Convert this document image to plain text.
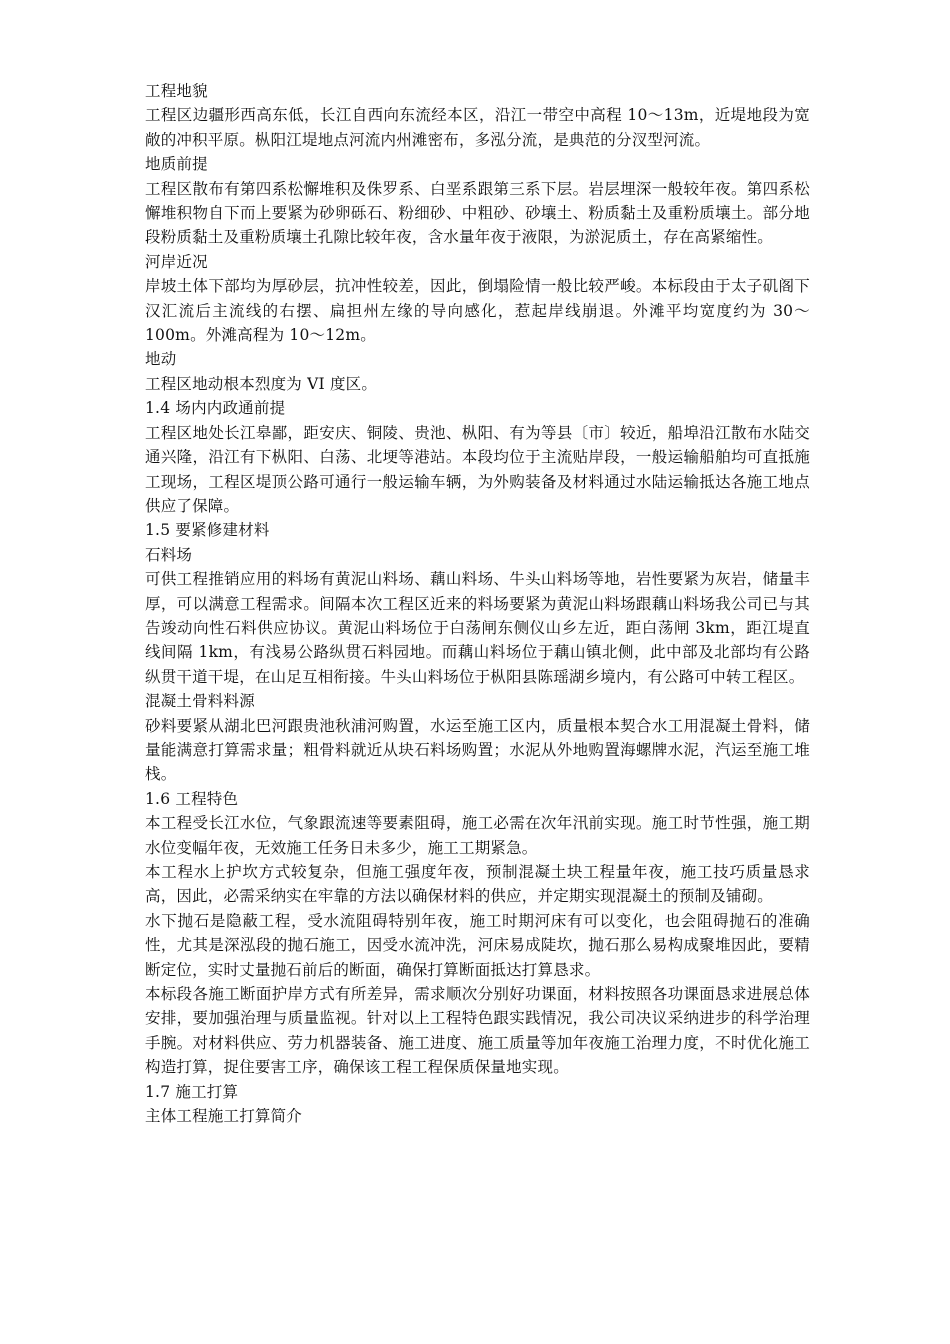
工程地貌

工程区边疆形西高东低，长江自西向东流经本区，沿江一带空中高程 10～13m，近堤地段为宽敞的冲积平原。枞阳江堤地点河流内州滩密布，多泓分流，是典范的分汊型河流。

地质前提

工程区散布有第四系松懈堆积及侏罗系、白垩系跟第三系下层。岩层埋深一般较年夜。第四系松懈堆积物自下而上要紧为砂卵砾石、粉细砂、中粗砂、砂壤土、粉质黏土及重粉质壤土。部分地段粉质黏土及重粉质壤土孔隙比较年夜，含水量年夜于液限，为淤泥质土，存在高紧缩性。

河岸近况

岸坡土体下部均为厚砂层，抗冲性较差，因此，倒塌险情一般比较严峻。本标段由于太子矶阁下汉汇流后主流线的右摆、扁担州左缘的导向感化，惹起岸线崩退。外滩平均宽度约为 30～100m。外滩高程为 10～12m。

地动

工程区地动根本烈度为 VI 度区。

1.4 场内内政通前提

工程区地处长江皋鄙，距安庆、铜陵、贵池、枞阳、有为等县〔市〕较近，船埠沿江散布水陆交通兴隆，沿江有下枞阳、白荡、北埂等港站。本段均位于主流贴岸段，一般运输船舶均可直抵施工现场，工程区堤顶公路可通行一般运输车辆，为外购装备及材料通过水陆运输抵达各施工地点供应了保障。

1.5 要紧修建材料

石料场

可供工程推销应用的料场有黄泥山料场、藕山料场、牛头山料场等地，岩性要紧为灰岩，储量丰厚，可以满意工程需求。间隔本次工程区近来的料场要紧为黄泥山料场跟藕山料场我公司已与其告竣动向性石料供应协议。黄泥山料场位于白荡闸东侧仪山乡左近，距白荡闸 3km，距江堤直线间隔 1km，有浅易公路纵贯石料园地。而藕山料场位于藕山镇北侧，此中部及北部均有公路纵贯干道干堤，在山足互相衔接。牛头山料场位于枞阳县陈瑶湖乡境内，有公路可中转工程区。

混凝土骨料料源

砂料要紧从湖北巴河跟贵池秋浦河购置，水运至施工区内，质量根本契合水工用混凝土骨料，储量能满意打算需求量；粗骨料就近从块石料场购置；水泥从外地购置海螺牌水泥，汽运至施工堆栈。

1.6 工程特色

本工程受长江水位，气象跟流速等要素阻碍，施工必需在次年汛前实现。施工时节性强，施工期水位变幅年夜，无效施工任务日未多少，施工工期紧急。

本工程水上护坎方式较复杂，但施工强度年夜，预制混凝土块工程量年夜，施工技巧质量恳求高，因此，必需采纳实在牢靠的方法以确保材料的供应，并定期实现混凝土的预制及铺砌。

水下抛石是隐蔽工程，受水流阻碍特别年夜，施工时期河床有可以变化，也会阻碍抛石的准确性，尤其是深泓段的抛石施工，因受水流冲洗，河床易成陡坎，抛石那么易构成聚堆因此，要精断定位，实时丈量抛石前后的断面，确保打算断面抵达打算恳求。

本标段各施工断面护岸方式有所差异，需求顺次分别好功课面，材料按照各功课面恳求进展总体安排，要加强治理与质量监视。针对以上工程特色跟实践情况，我公司决议采纳进步的科学治理手腕。对材料供应、劳力机器装备、施工进度、施工质量等加年夜施工治理力度，不时优化施工构造打算，捉住要害工序，确保该工程工程保质保量地实现。

1.7 施工打算

主体工程施工打算简介
